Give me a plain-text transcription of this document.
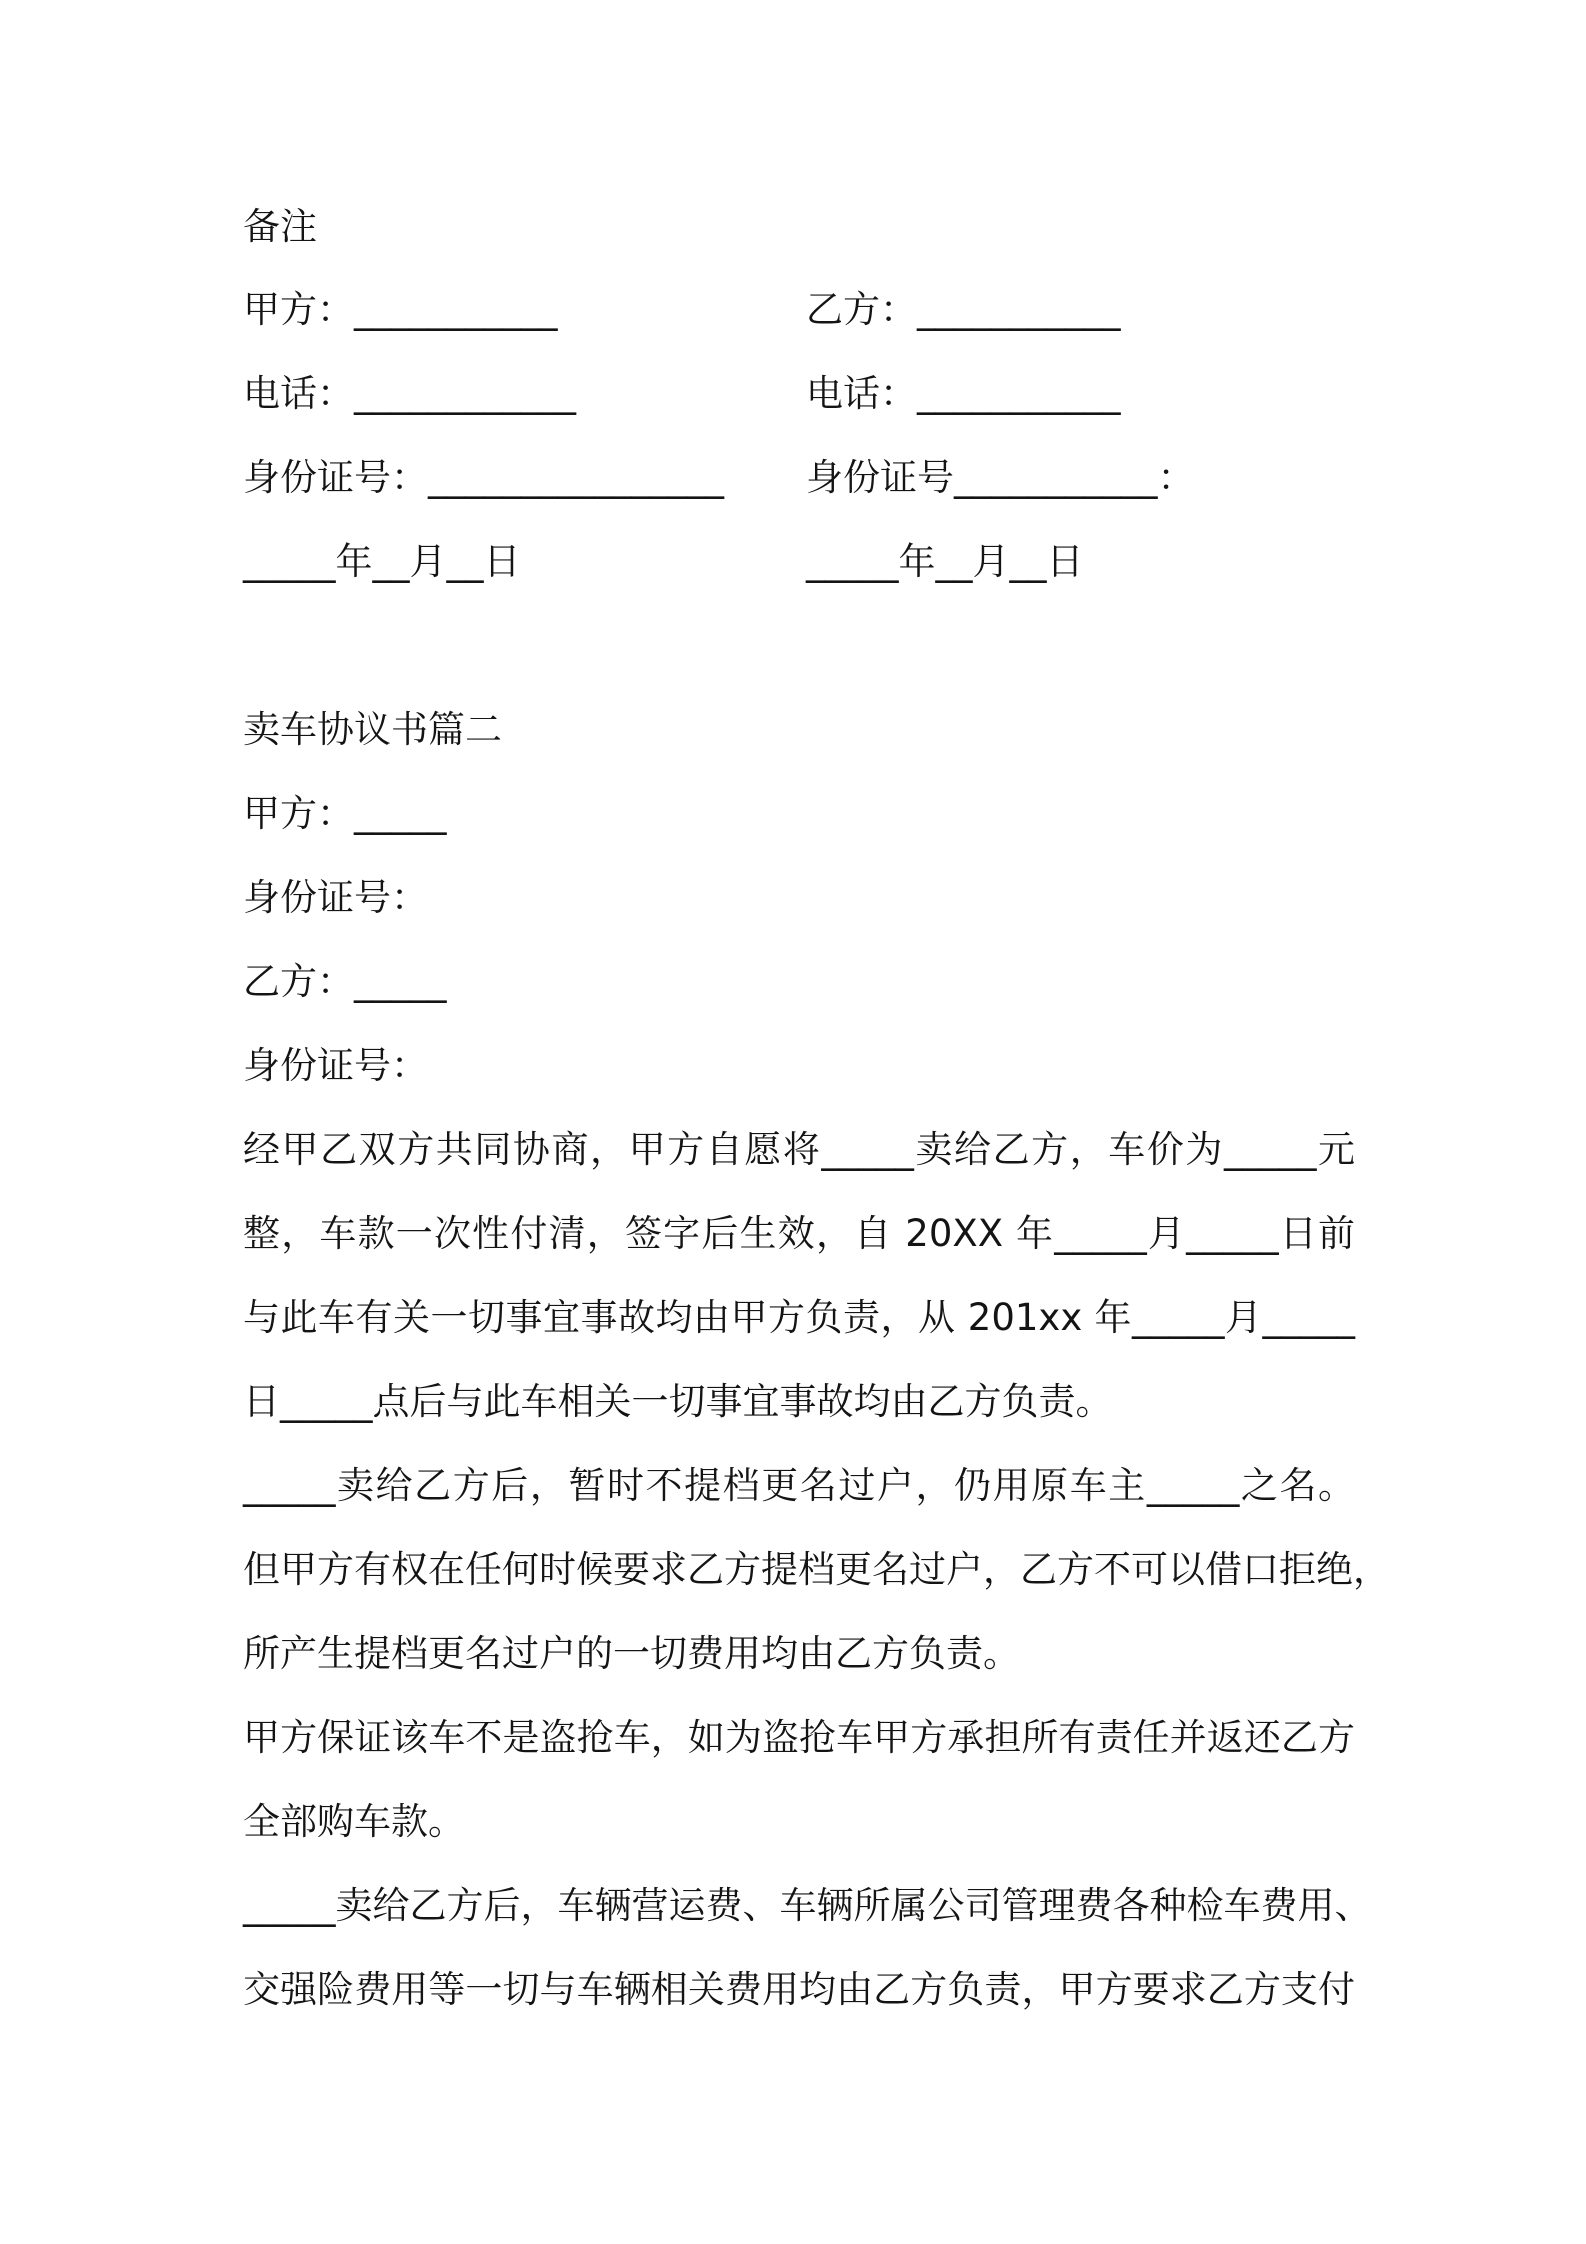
备注
甲方：___________	乙方：___________
电话：____________	电话：___________
身份证号：________________ 身份证号___________：
_____年__月__日	_____年__月__日
卖车协议书篇二
甲方：_____
身份证号：
乙方：_____
身份证号：
经甲乙双方共同协商，甲方自愿将_____卖给乙方，车价为_____元
整，车款一次性付清，签字后生效，自 20XX 年_____月_____日前
与此车有关一切事宜事故均由甲方负责，从 201xx 年_____月_____
日_____点后与此车相关一切事宜事故均由乙方负责。
_____卖给乙方后，暂时不提档更名过户，仍用原车主_____之名。
但甲方有权在任何时候要求乙方提档更名过户，乙方不可以借口拒绝，
所产生提档更名过户的一切费用均由乙方负责。
甲方保证该车不是盗抢车，如为盗抢车甲方承担所有责任并返还乙方
全部购车款。
_____卖给乙方后，车辆营运费、车辆所属公司管理费各种检车费用、
交强险费用等一切与车辆相关费用均由乙方负责，甲方要求乙方支付
